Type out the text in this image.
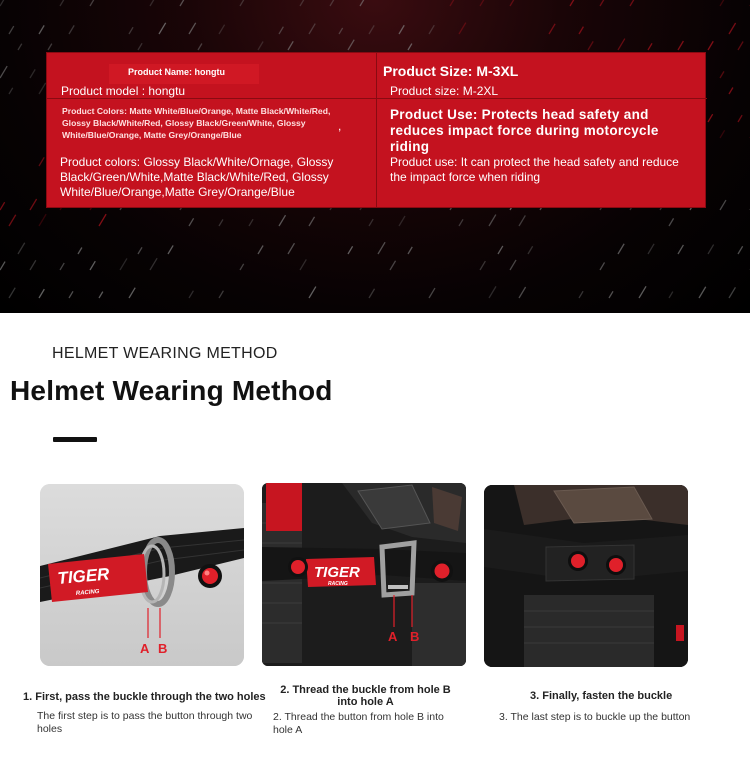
Product Name: hongtu
Product model : hongtu
Product Colors: Matte White/Blue/Orange, Matte Black/White/Red, Glossy Black/White/Red, Glossy Black/Green/White, Glossy White/Blue/Orange, Matte Grey/Orange/Blue
,
Product colors: Glossy Black/White/Ornage, Glossy Black/Green/White,Matte Black/White/Red, Glossy White/Blue/Orange,Matte Grey/Orange/Blue
Product Size: M-3XL
Product size: M-2XL
Product Use: Protects head safety and reduces impact force during motorcycle riding
Product use: It can protect the head safety and reduce the impact force when riding
HELMET WEARING METHOD
Helmet Wearing Method
TIGER
RACING
A B
TIGER
RACING
A B
1. First, pass the buckle through the two holes
The first step is to pass the button through two holes
2. Thread the buckle from hole B into hole A
2. Thread the button from hole B into hole A
3. Finally, fasten the buckle
3. The last step is to buckle up the button
